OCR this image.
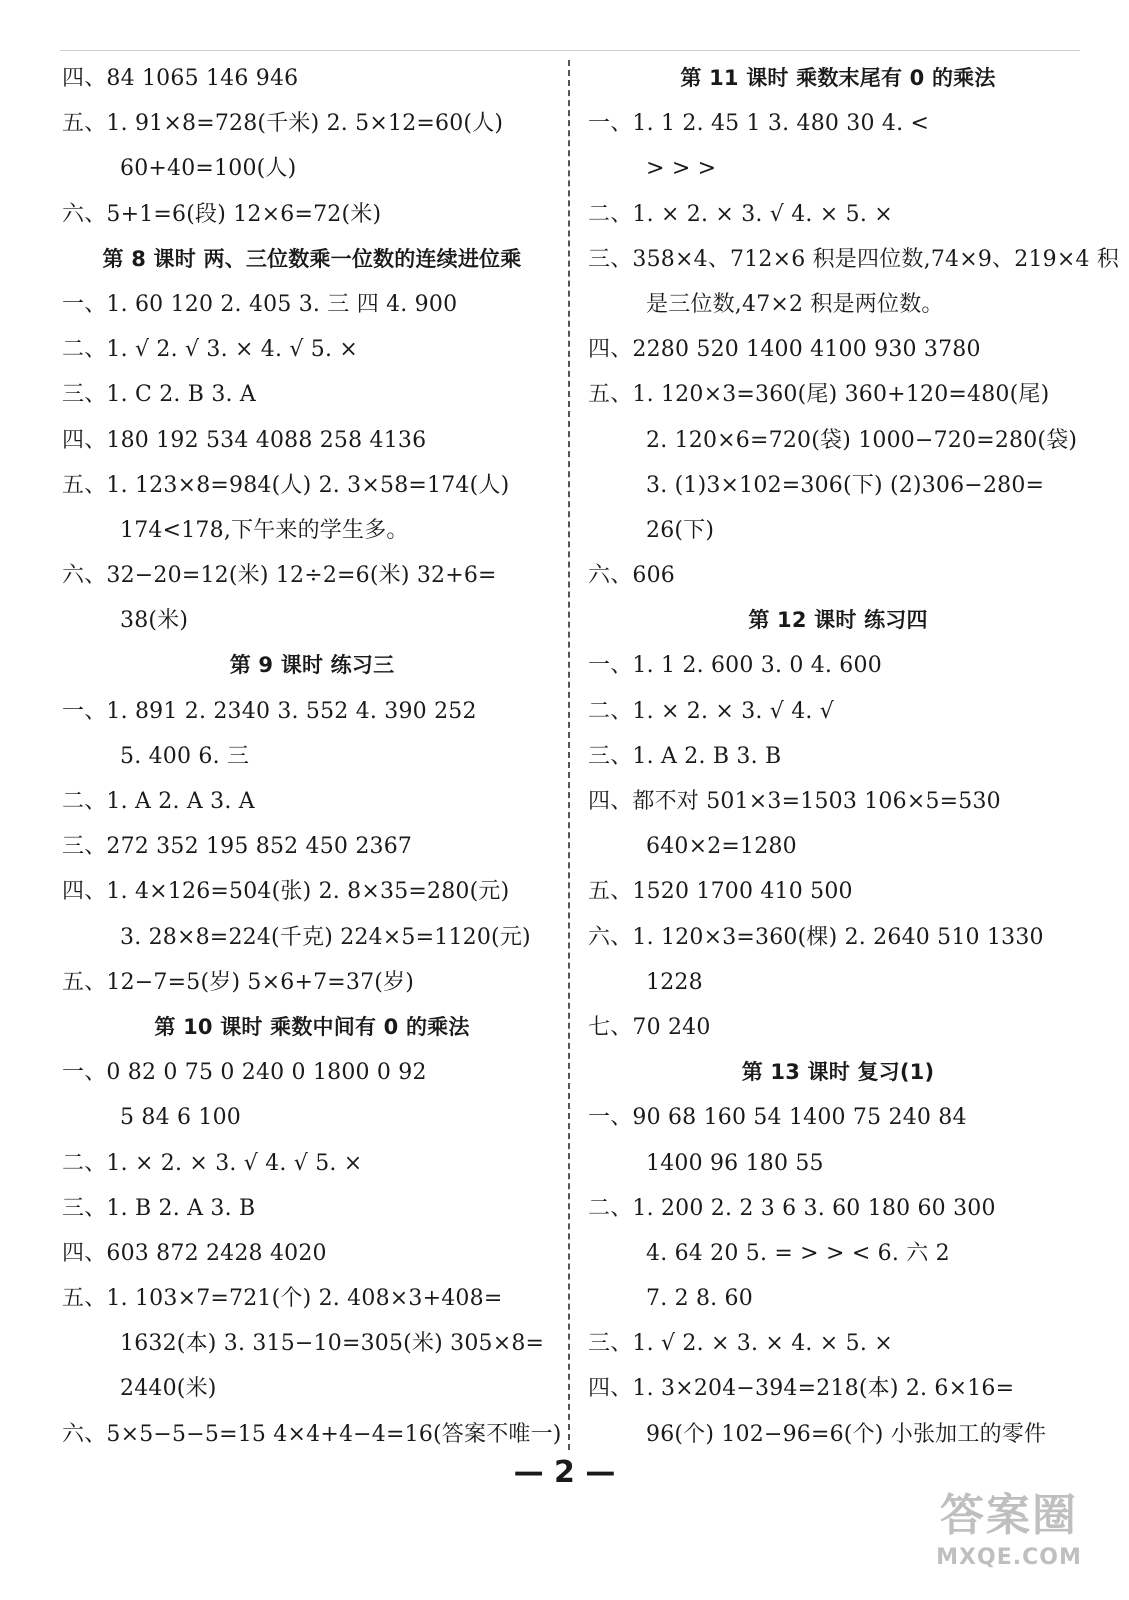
四、84 1065 146 946
五、1. 91×8=728(千米) 2. 5×12=60(人)
60+40=100(人)
六、5+1=6(段) 12×6=72(米)
第 8 课时 两、三位数乘一位数的连续进位乘
一、1. 60 120 2. 405 3. 三 四 4. 900
二、1. √ 2. √ 3. × 4. √ 5. ×
三、1. C 2. B 3. A
四、180 192 534 4088 258 4136
五、1. 123×8=984(人) 2. 3×58=174(人)
174<178,下午来的学生多。
六、32−20=12(米) 12÷2=6(米) 32+6=
38(米)
第 9 课时 练习三
一、1. 891 2. 2340 3. 552 4. 390 252
5. 400 6. 三
二、1. A 2. A 3. A
三、272 352 195 852 450 2367
四、1. 4×126=504(张) 2. 8×35=280(元)
3. 28×8=224(千克) 224×5=1120(元)
五、12−7=5(岁) 5×6+7=37(岁)
第 10 课时 乘数中间有 0 的乘法
一、0 82 0 75 0 240 0 1800 0 92
5 84 6 100
二、1. × 2. × 3. √ 4. √ 5. ×
三、1. B 2. A 3. B
四、603 872 2428 4020
五、1. 103×7=721(个) 2. 408×3+408=
1632(本) 3. 315−10=305(米) 305×8=
2440(米)
六、5×5−5−5=15 4×4+4−4=16(答案不唯一)
第 11 课时 乘数末尾有 0 的乘法
一、1. 1 2. 45 1 3. 480 30 4. <
> > >
二、1. × 2. × 3. √ 4. × 5. ×
三、358×4、712×6 积是四位数,74×9、219×4 积
是三位数,47×2 积是两位数。
四、2280 520 1400 4100 930 3780
五、1. 120×3=360(尾) 360+120=480(尾)
2. 120×6=720(袋) 1000−720=280(袋)
3. (1)3×102=306(下) (2)306−280=
26(下)
六、606
第 12 课时 练习四
一、1. 1 2. 600 3. 0 4. 600
二、1. × 2. × 3. √ 4. √
三、1. A 2. B 3. B
四、都不对 501×3=1503 106×5=530
640×2=1280
五、1520 1700 410 500
六、1. 120×3=360(棵) 2. 2640 510 1330
1228
七、70 240
第 13 课时 复习(1)
一、90 68 160 54 1400 75 240 84
1400 96 180 55
二、1. 200 2. 2 3 6 3. 60 180 60 300
4. 64 20 5. = > > < 6. 六 2
7. 2 8. 60
三、1. √ 2. × 3. × 4. × 5. ×
四、1. 3×204−394=218(本) 2. 6×16=
96(个) 102−96=6(个) 小张加工的零件
— 2 —
答案圈
MXQE.COM
